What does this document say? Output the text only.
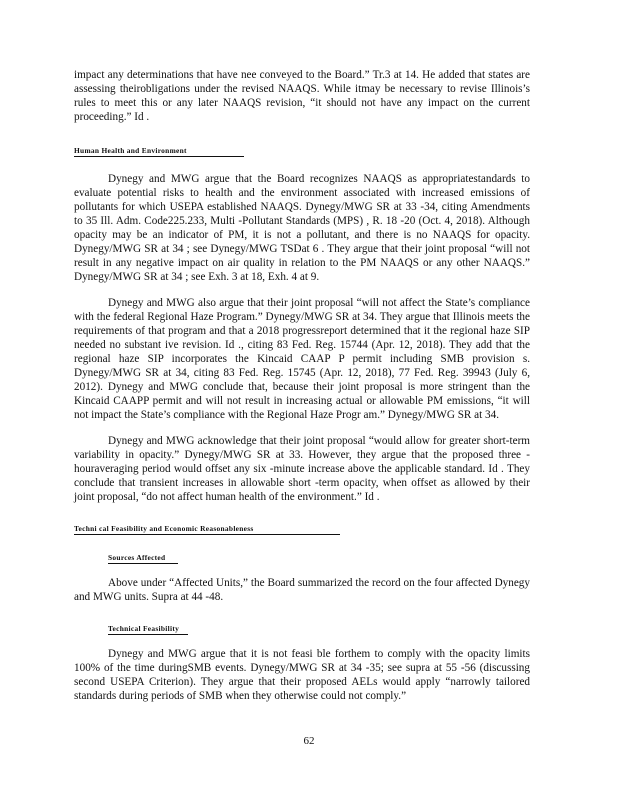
impact any determinations that have nee conveyed to the Board.” Tr.3 at 14. He added that states are assessing theirobligations under the revised NAAQS. While itmay be necessary to revise Illinois’s rules to meet this or any later NAAQS revision, “it should not have any impact on the current proceeding.” Id .

Human Health and Environment

Dynegy and MWG argue that the Board recognizes NAAQS as appropriatestandards to evaluate potential risks to health and the environment associated with increased emissions of pollutants for which USEPA established NAAQS. Dynegy/MWG SR at 33 -34, citing Amendments to 35 Ill. Adm. Code225.233, Multi -Pollutant Standards (MPS) , R. 18 -20 (Oct. 4, 2018). Although opacity may be an indicator of PM, it is not a pollutant, and there is no NAAQS for opacity. Dynegy/MWG SR at 34 ; see Dynegy/MWG TSDat 6 . They argue that their joint proposal “will not result in any negative impact on air quality in relation to the PM NAAQS or any other NAAQS.” Dynegy/MWG SR at 34 ; see Exh. 3 at 18, Exh. 4 at 9.

Dynegy and MWG also argue that their joint proposal “will not affect the State’s compliance with the federal Regional Haze Program.” Dynegy/MWG SR at 34. They argue that Illinois meets the requirements of that program and that a 2018 progressreport determined that it the regional haze SIP needed no substant ive revision. Id ., citing 83 Fed. Reg. 15744 (Apr. 12, 2018). They add that the regional haze SIP incorporates the Kincaid CAAP P permit including SMB provision s. Dynegy/MWG SR at 34, citing 83 Fed. Reg. 15745 (Apr. 12, 2018), 77 Fed. Reg. 39943 (July 6, 2012). Dynegy and MWG conclude that, because their joint proposal is more stringent than the Kincaid CAAPP permit and will not result in increasing actual or allowable PM emissions, “it will not impact the State’s compliance with the Regional Haze Progr am.” Dynegy/MWG SR at 34.

Dynegy and MWG acknowledge that their joint proposal “would allow for greater short-term variability in opacity.” Dynegy/MWG SR at 33. However, they argue that the proposed three -houraveraging period would offset any six -minute increase above the applicable standard. Id . They conclude that transient increases in allowable short -term opacity, when offset as allowed by their joint proposal, “do not affect human health of the environment.” Id .

Techni cal Feasibility and Economic Reasonableness
Sources Affected

Above under “Affected Units,” the Board summarized the record on the four affected Dynegy and MWG units. Supra at 44 -48.

Technical Feasibility

Dynegy and MWG argue that it is not feasi ble forthem to comply with the opacity limits 100% of the time duringSMB events. Dynegy/MWG SR at 34 -35; see supra at 55 -56 (discussing second USEPA Criterion). They argue that their proposed AELs would apply “narrowly tailored standards during periods of SMB when they otherwise could not comply.”

62
